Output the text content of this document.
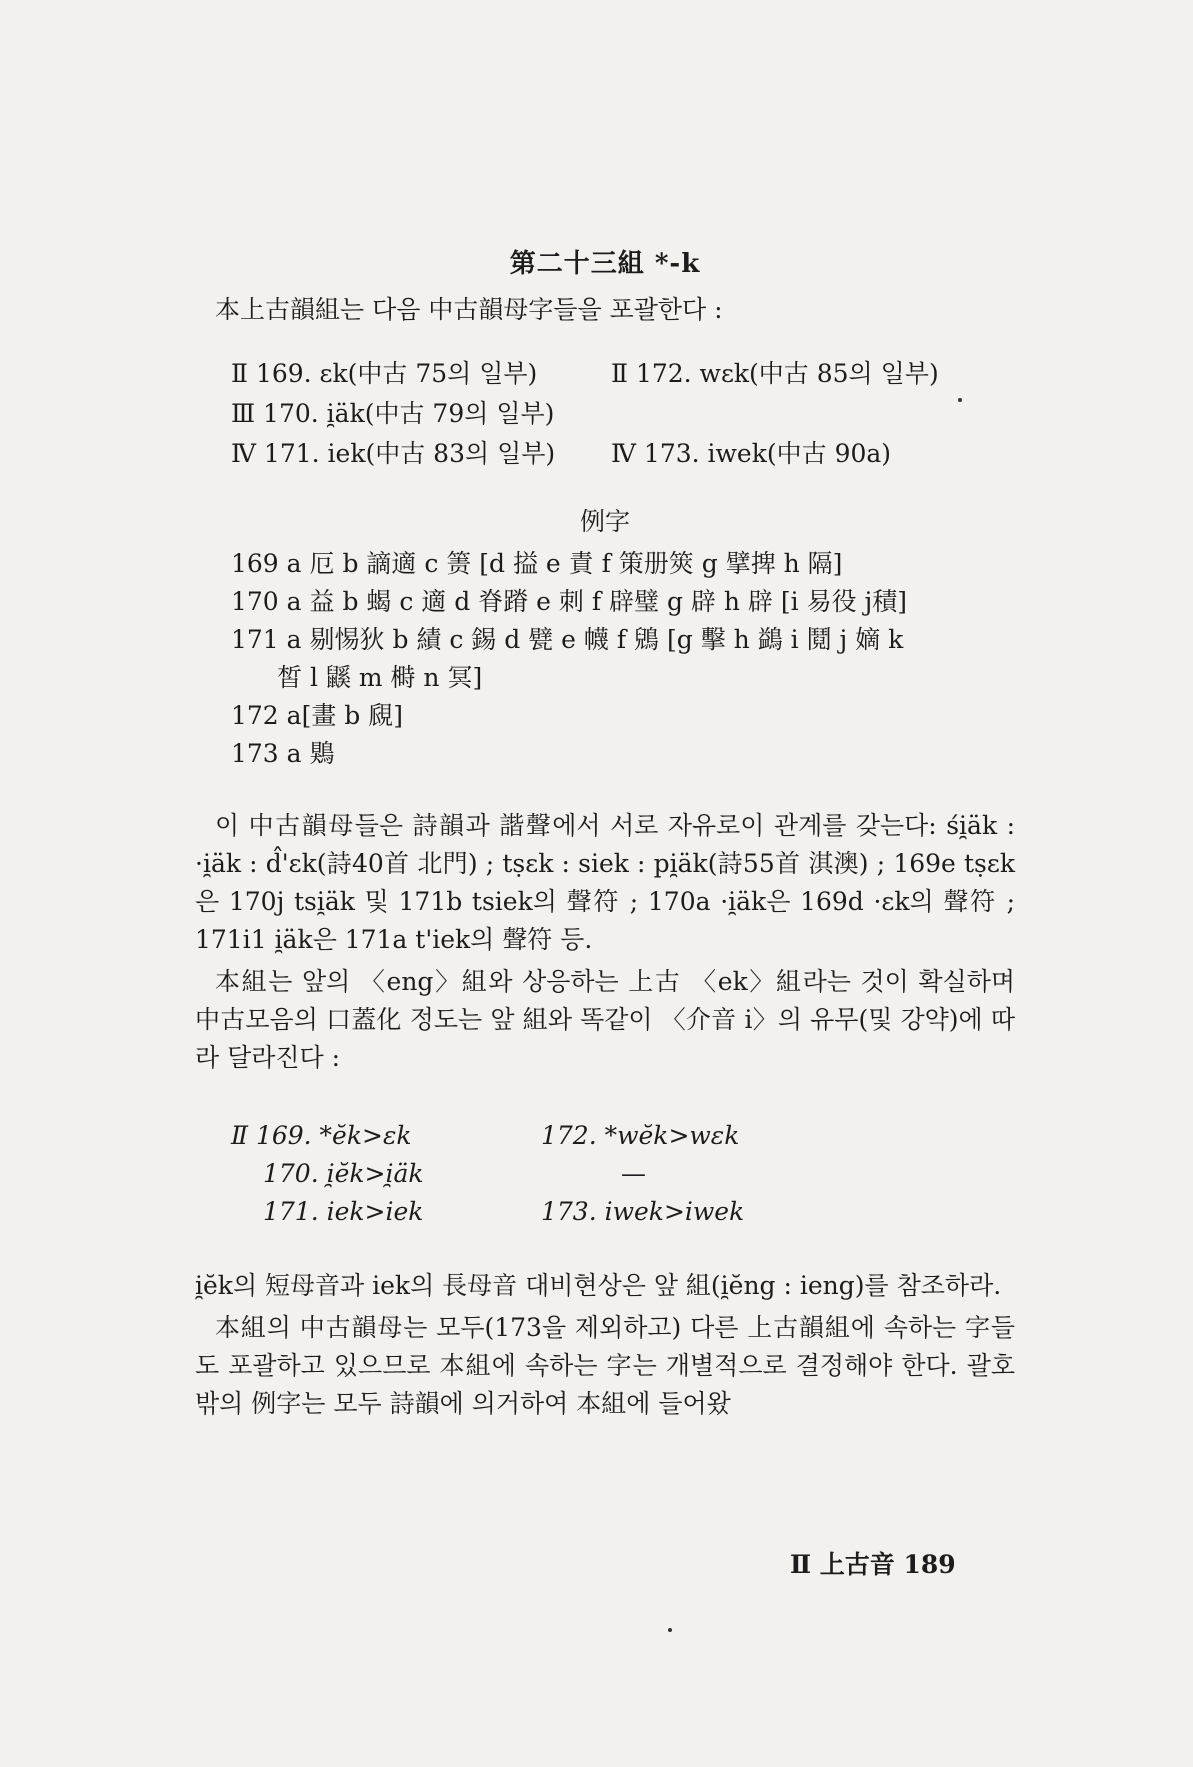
第二十三組 *-k
本上古韻組는 다음 中古韻母字들을 포괄한다 :
Ⅱ 169. ɛk(中古 75의 일부)	Ⅱ 172. wɛk(中古 85의 일부)
Ⅲ 170. i̯äk(中古 79의 일부)
Ⅳ 171. iek(中古 83의 일부)	Ⅳ 173. iwek(中古 90a)
例字

169 a 厄 b 謫適 c 箦 [d 搤 e 責 f 策册筴 g 擘捭 h 隔]

170 a 益 b 蝎 c 適 d 脊蹐 e 刺 f 辟璧 g 辟 h 辟 [i 易役 j積]

171 a 剔惕狄 b 績 c 錫 d 甓 e 幭 f 鶂 [g 擊 h 鷁 i 鬩 j 嫡 k

皙 l 鼷 m 榯 n 冥]

172 a[畫 b 覛]

173 a 鶪

이 中古韻母들은 詩韻과 諧聲에서 서로 자유로이 관계를 갖는다: śi̯äk : ·i̯äk : d̂'ɛk(詩40首 北門) ; tṣɛk : siek : pi̯äk(詩55首 淇澳) ; 169e tṣɛk은 170j tsi̯äk 및 171b tsiek의 聲符 ; 170a ·i̯äk은 169d ·ɛk의 聲符 ; 171i1 i̯äk은 171a t'iek의 聲符 등.

本組는 앞의 〈eng〉組와 상응하는 上古 〈ek〉組라는 것이 확실하며 中古모음의 口蓋化 정도는 앞 組와 똑같이 〈介音 i〉의 유무(및 강약)에 따라 달라진다 :

Ⅱ 169. *ĕk>ɛk	172. *wĕk>wɛk
170. i̯ĕk>i̯äk	—
171. iek>iek	173. iwek>iwek

i̯ĕk의 短母音과 iek의 長母音 대비현상은 앞 組(i̯ĕng : ieng)를 참조하라.

本組의 中古韻母는 모두(173을 제외하고) 다른 上古韻組에 속하는 字들도 포괄하고 있으므로 本組에 속하는 字는 개별적으로 결정해야 한다. 괄호 밖의 例字는 모두 詩韻에 의거하여 本組에 들어왔

Ⅱ 上古音 189
